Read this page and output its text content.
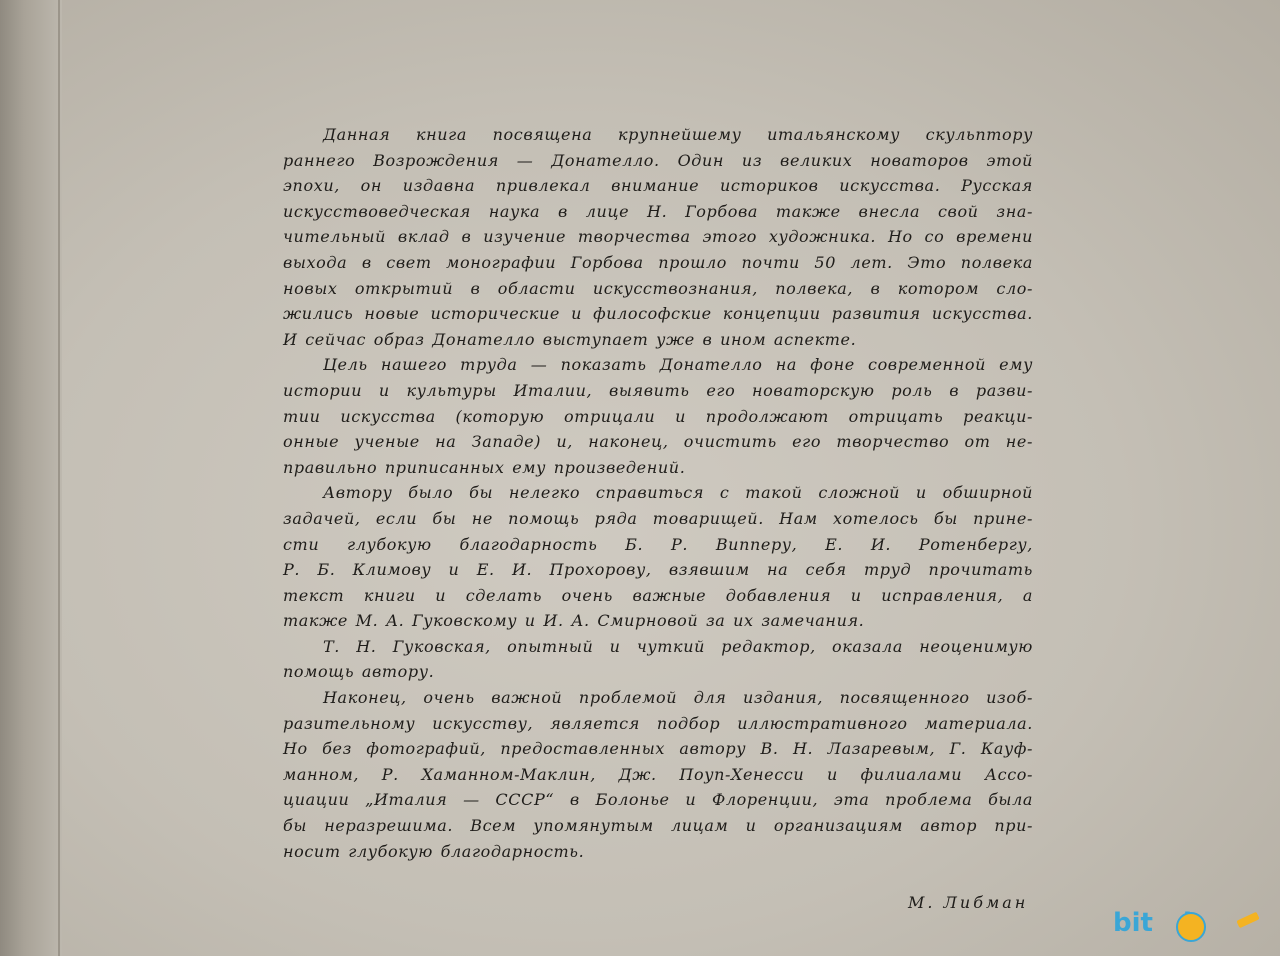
Данная книга посвящена крупнейшему итальянскому скульптору
раннего Возрождения — Донателло. Один из великих новаторов этой
эпохи, он издавна привлекал внимание историков искусства. Русская
искусствоведческая наука в лице Н. Горбова также внесла свой зна-
чительный вклад в изучение творчества этого художника. Но со времени
выхода в свет монографии Горбова прошло почти 50 лет. Это полвека
новых открытий в области искусствознания, полвека, в котором сло-
жились новые исторические и философские концепции развития искусства.
И сейчас образ Донателло выступает уже в ином аспекте.
Цель нашего труда — показать Донателло на фоне современной ему
истории и культуры Италии, выявить его новаторскую роль в разви-
тии искусства (которую отрицали и продолжают отрицать реакци-
онные ученые на Западе) и, наконец, очистить его творчество от не-
правильно приписанных ему произведений.
Автору было бы нелегко справиться с такой сложной и обширной
задачей, если бы не помощь ряда товарищей. Нам хотелось бы прине-
сти глубокую благодарность Б. Р. Випперу, Е. И. Ротенбергу,
Р. Б. Климову и Е. И. Прохорову, взявшим на себя труд прочитать
текст книги и сделать очень важные добавления и исправления, а
также М. А. Гуковскому и И. А. Смирновой за их замечания.
Т. Н. Гуковская, опытный и чуткий редактор, оказала неоценимую
помощь автору.
Наконец, очень важной проблемой для издания, посвященного изоб-
разительному искусству, является подбор иллюстративного материала.
Но без фотографий, предоставленных автору В. Н. Лазаревым, Г. Кауф-
манном, Р. Хаманном-Маклин, Дж. Поуп-Хенесси и филиалами Ассо-
циации „Италия — СССР“ в Болонье и Флоренции, эта проблема была
бы неразрешима. Всем упомянутым лицам и организациям автор при-
носит глубокую благодарность.
М. Либман
bit
